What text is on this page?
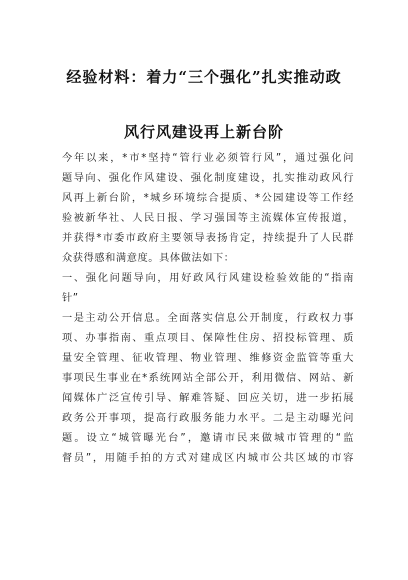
经验材料：着力“三个强化”扎实推动政
风行风建设再上新台阶
今年以来，*市*坚持“管行业必须管行风”，通过强化问
题导向、强化作风建设、强化制度建设，扎实推动政风行
风再上新台阶，*城乡环境综合提质、*公园建设等工作经
验被新华社、人民日报、学习强国等主流媒体宣传报道，
并获得*市委市政府主要领导表扬肯定，持续提升了人民群
众获得感和满意度。具体做法如下：
一、强化问题导向，用好政风行风建设检验效能的“指南
针”
一是主动公开信息。全面落实信息公开制度，行政权力事
项、办事指南、重点项目、保障性住房、招投标管理、质
量安全管理、征收管理、物业管理、维修资金监管等重大
事项民生事业在*系统网站全部公开，利用微信、网站、新
闻媒体广泛宣传引导、解难答疑、回应关切，进一步拓展
政务公开事项，提高行政服务能力水平。二是主动曝光问
题。设立“城管曝光台”，邀请市民来做城市管理的“监
督员”，用随手拍的方式对建成区内城市公共区域的市容
